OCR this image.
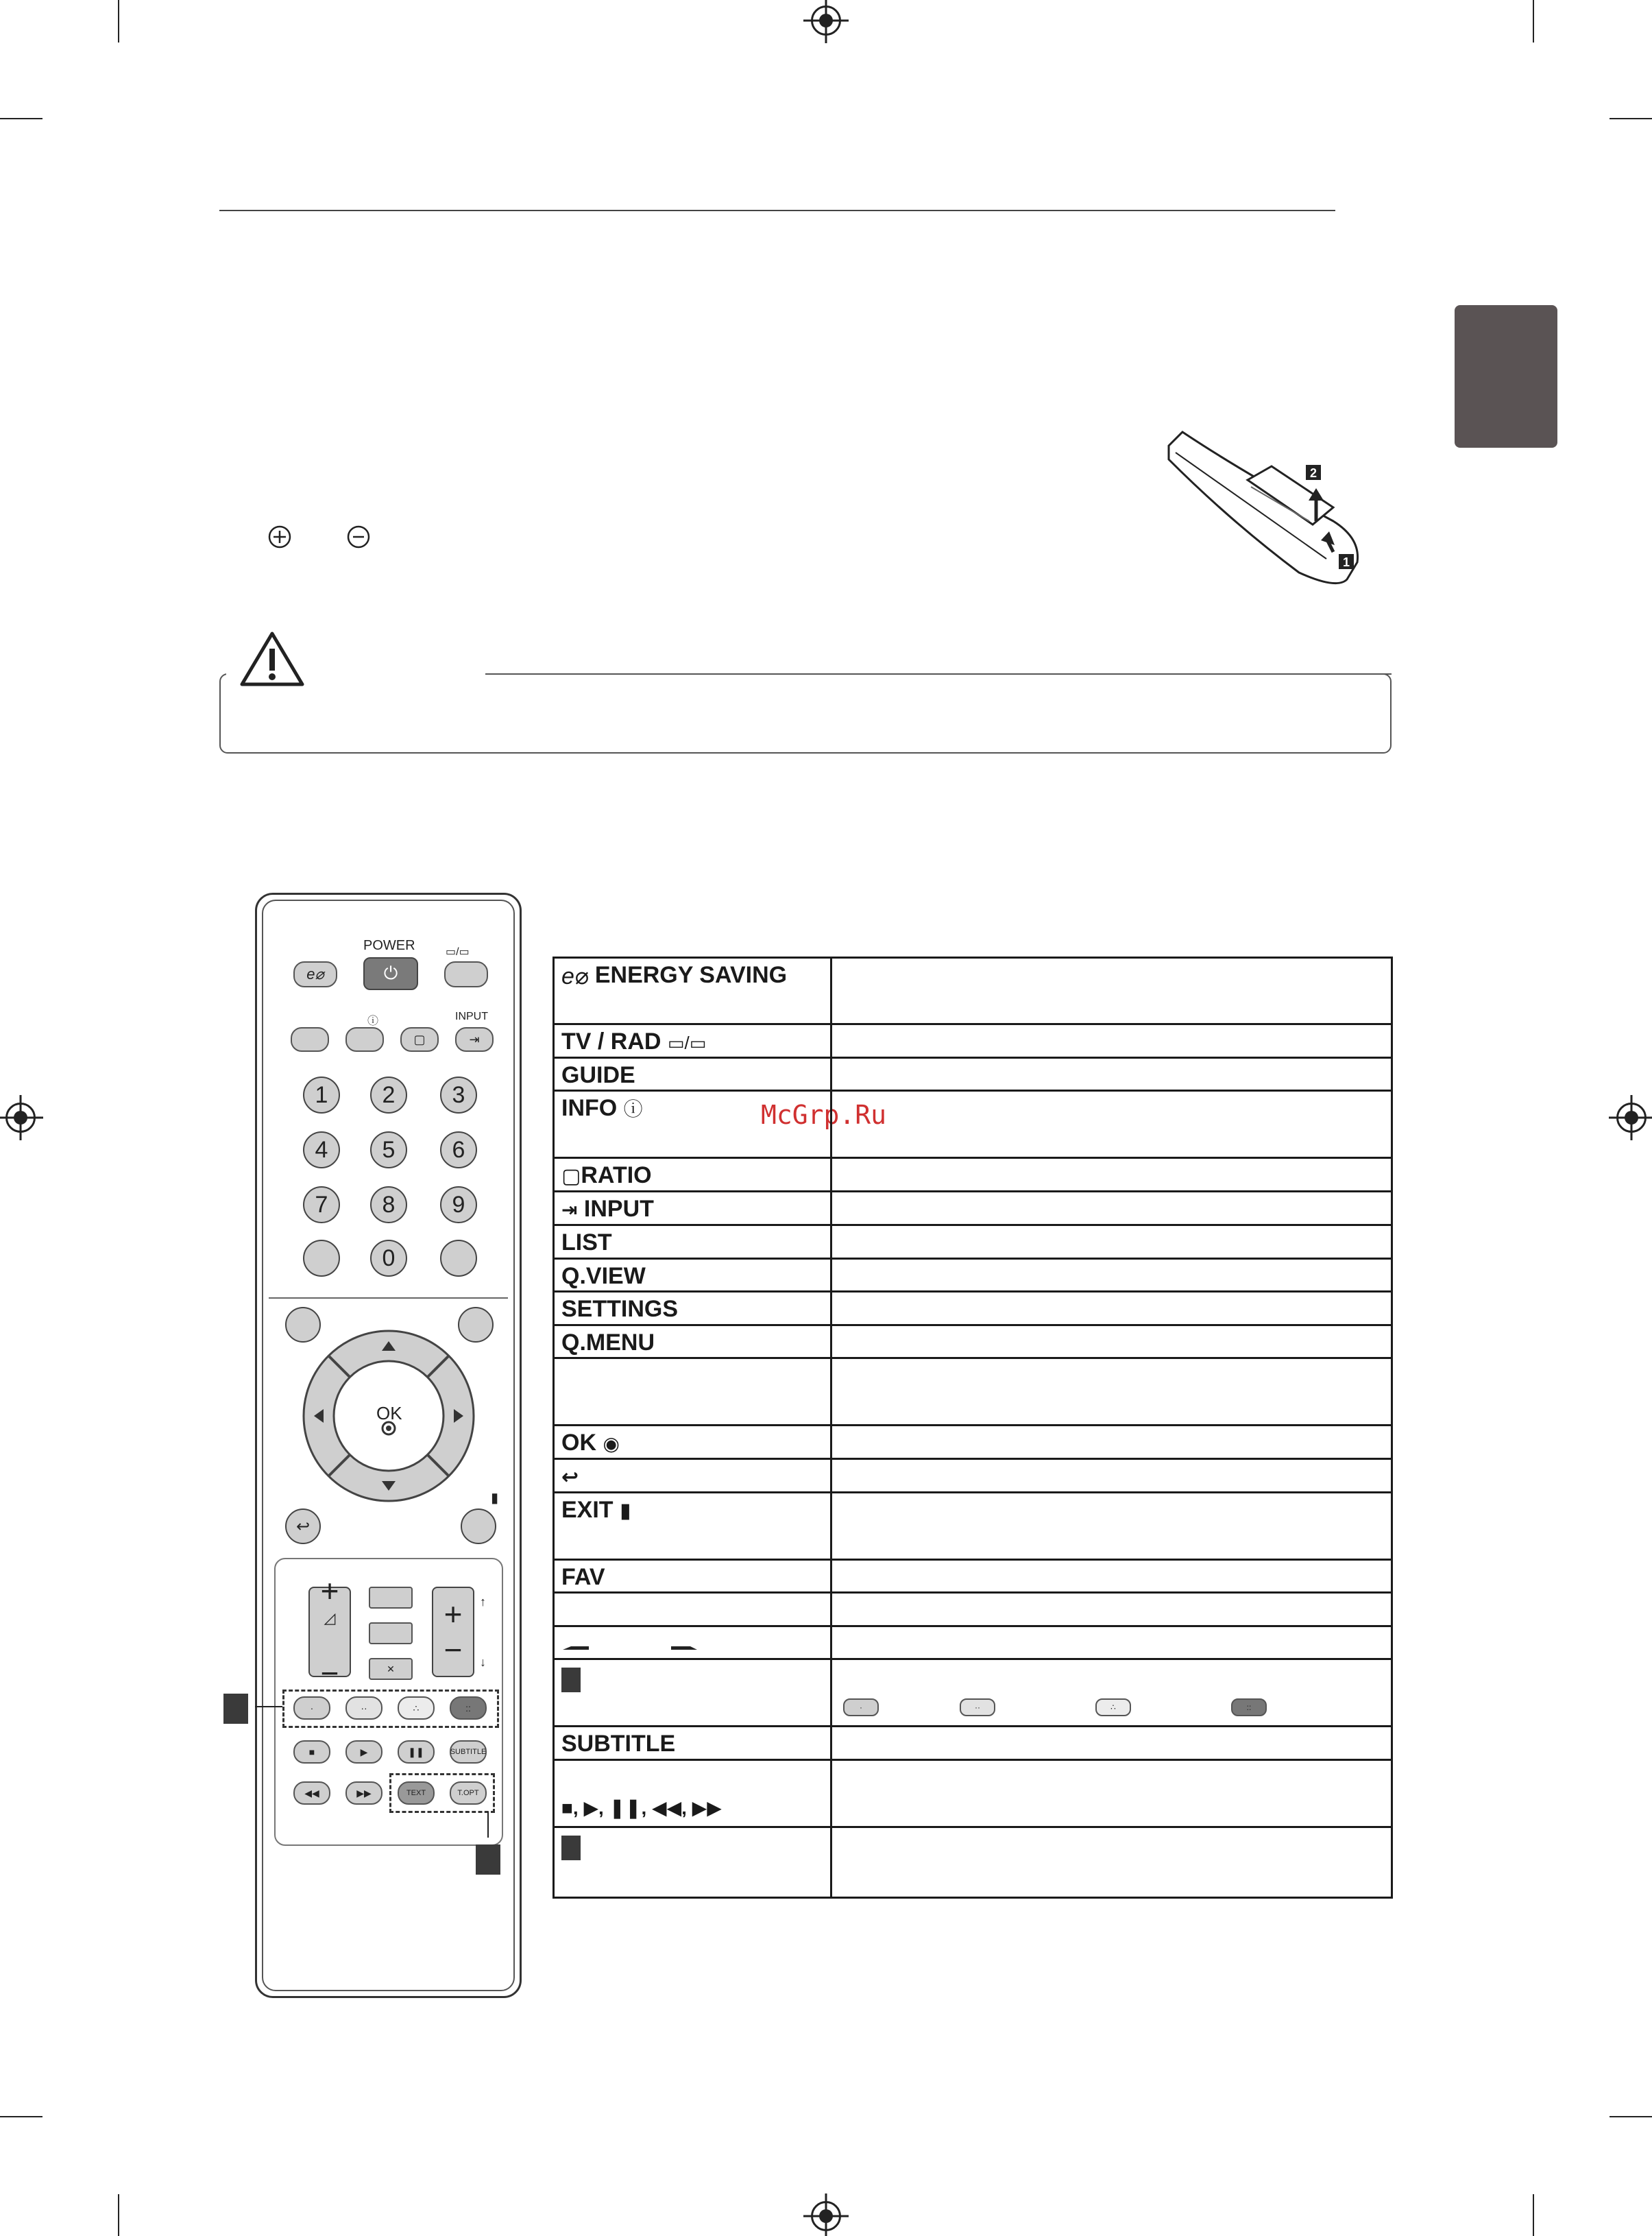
2
1
McGrp.Ru
POWER
e⌀	⏻
▭/▭
INPUT
ⓘ
▢	⇥
1	2	3
4	5	6
7	8	9
0
OK
↩
▮
+

◿

−	✕
+
−
↑
↓
·	··	∴	::
■	▶	❚❚	SUBTITLE
◀◀	▶▶	TEXT	T.OPT
e⌀ ENERGY SAVING	
TV / RAD ▭/▭	
GUIDE	
INFO ⓘ	
▢RATIO	
⇥ INPUT	
LIST	
Q.VIEW	
SETTINGS	
Q.MENU	

OK ◉	
↩	
EXIT ▮	
FAV	

· ·· ∴ ::

SUBTITLE	
■, ▶, ❚❚, ◀◀, ▶▶	
